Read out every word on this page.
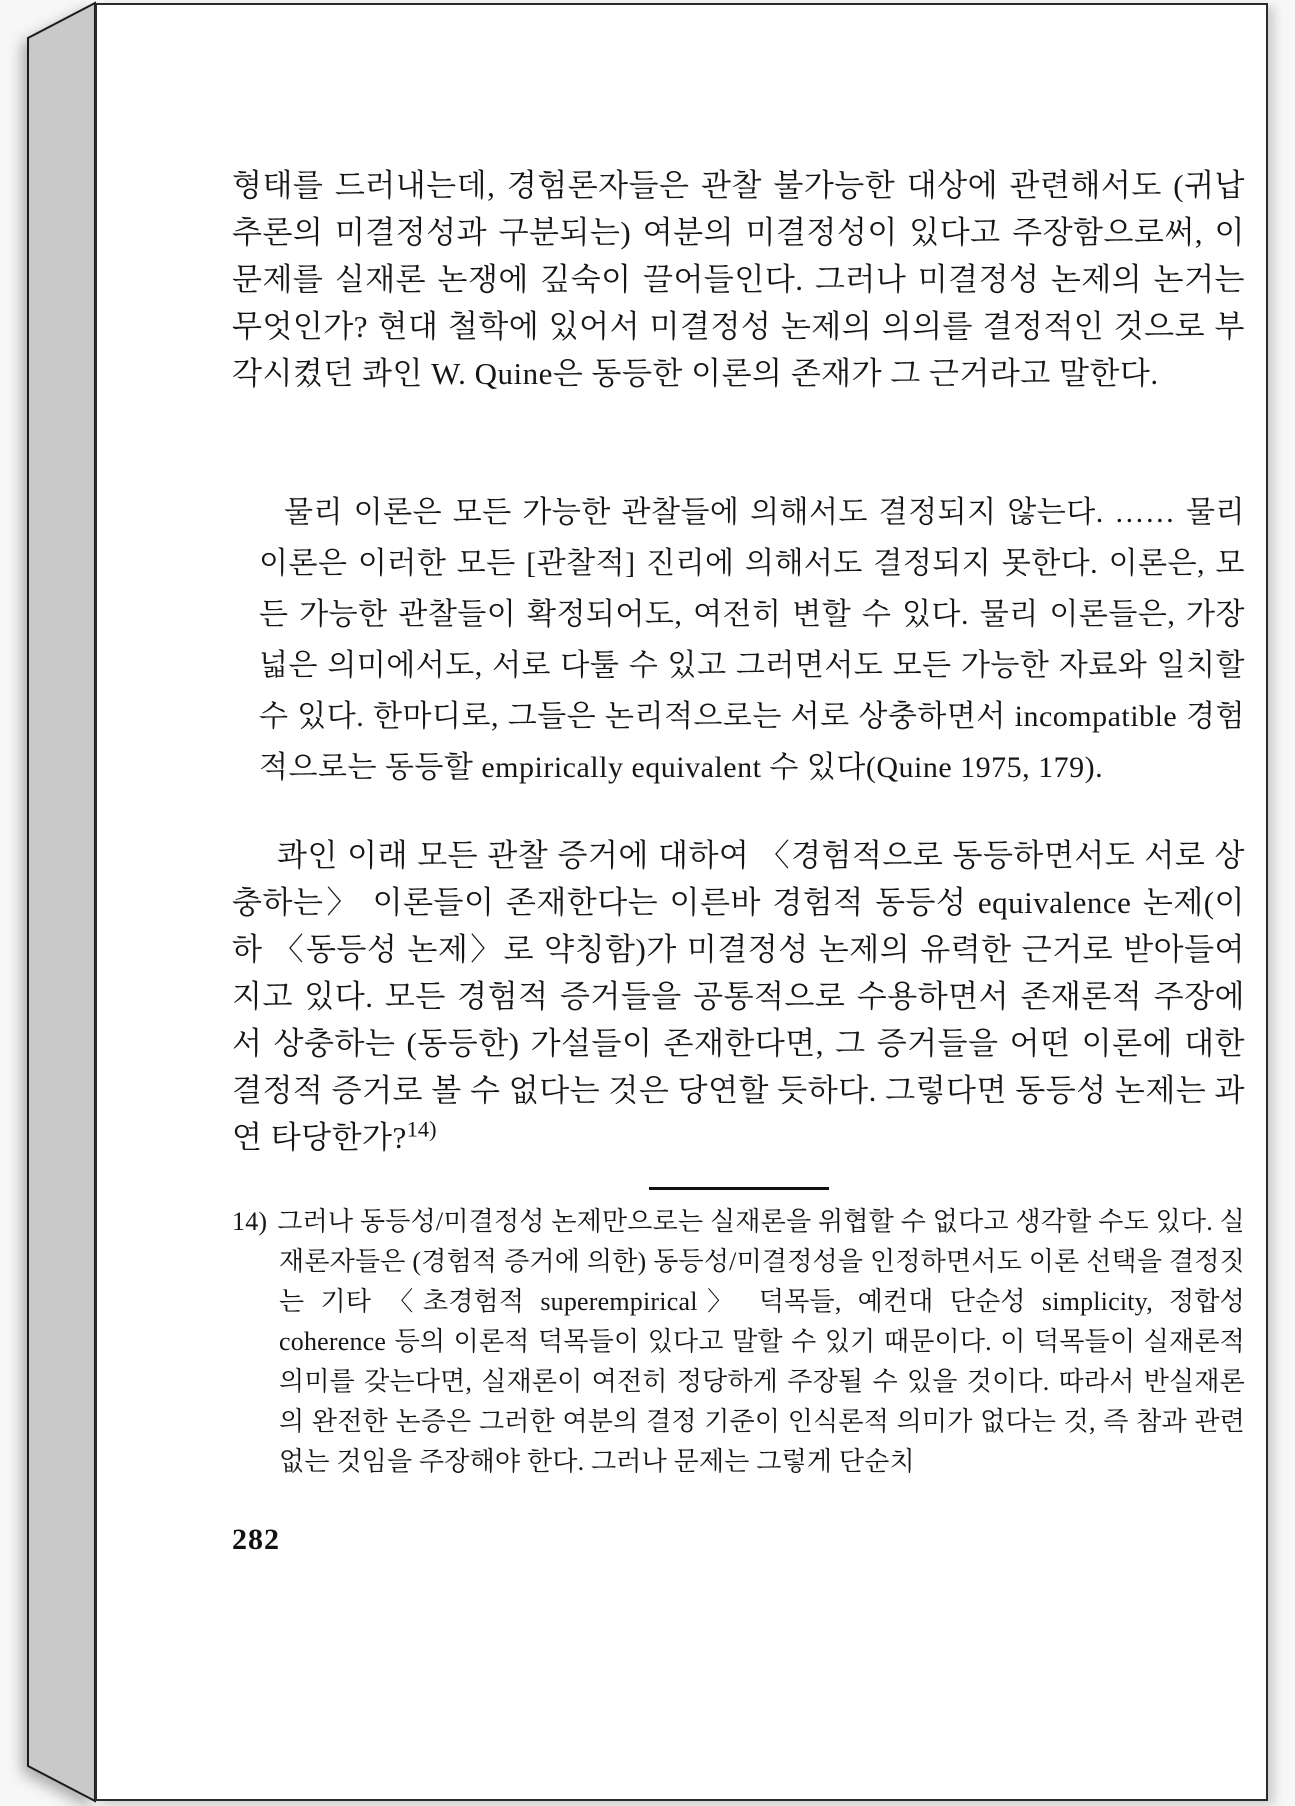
형태를 드러내는데, 경험론자들은 관찰 불가능한 대상에 관련해서도 (귀납 추론의 미결정성과 구분되는) 여분의 미결정성이 있다고 주장함으로써, 이 문제를 실재론 논쟁에 깊숙이 끌어들인다. 그러나 미결정성 논제의 논거는 무엇인가? 현대 철학에 있어서 미결정성 논제의 의의를 결정적인 것으로 부각시켰던 콰인 W. Quine은 동등한 이론의 존재가 그 근거라고 말한다.

물리 이론은 모든 가능한 관찰들에 의해서도 결정되지 않는다. …… 물리 이론은 이러한 모든 [관찰적] 진리에 의해서도 결정되지 못한다. 이론은, 모든 가능한 관찰들이 확정되어도, 여전히 변할 수 있다. 물리 이론들은, 가장 넓은 의미에서도, 서로 다툴 수 있고 그러면서도 모든 가능한 자료와 일치할 수 있다. 한마디로, 그들은 논리적으로는 서로 상충하면서 incompatible 경험적으로는 동등할 empirically equivalent 수 있다(Quine 1975, 179).

콰인 이래 모든 관찰 증거에 대하여 〈경험적으로 동등하면서도 서로 상충하는〉 이론들이 존재한다는 이른바 경험적 동등성 equivalence 논제(이하 〈동등성 논제〉로 약칭함)가 미결정성 논제의 유력한 근거로 받아들여지고 있다. 모든 경험적 증거들을 공통적으로 수용하면서 존재론적 주장에서 상충하는 (동등한) 가설들이 존재한다면, 그 증거들을 어떤 이론에 대한 결정적 증거로 볼 수 없다는 것은 당연할 듯하다. 그렇다면 동등성 논제는 과연 타당한가?$^{14)}$

14) 그러나 동등성/미결정성 논제만으로는 실재론을 위협할 수 없다고 생각할 수도 있다. 실재론자들은 (경험적 증거에 의한) 동등성/미결정성을 인정하면서도 이론 선택을 결정짓는 기타 〈초경험적 superempirical〉 덕목들, 예컨대 단순성 simplicity, 정합성 coherence 등의 이론적 덕목들이 있다고 말할 수 있기 때문이다. 이 덕목들이 실재론적 의미를 갖는다면, 실재론이 여전히 정당하게 주장될 수 있을 것이다. 따라서 반실재론의 완전한 논증은 그러한 여분의 결정 기준이 인식론적 의미가 없다는 것, 즉 참과 관련 없는 것임을 주장해야 한다. 그러나 문제는 그렇게 단순치

282
